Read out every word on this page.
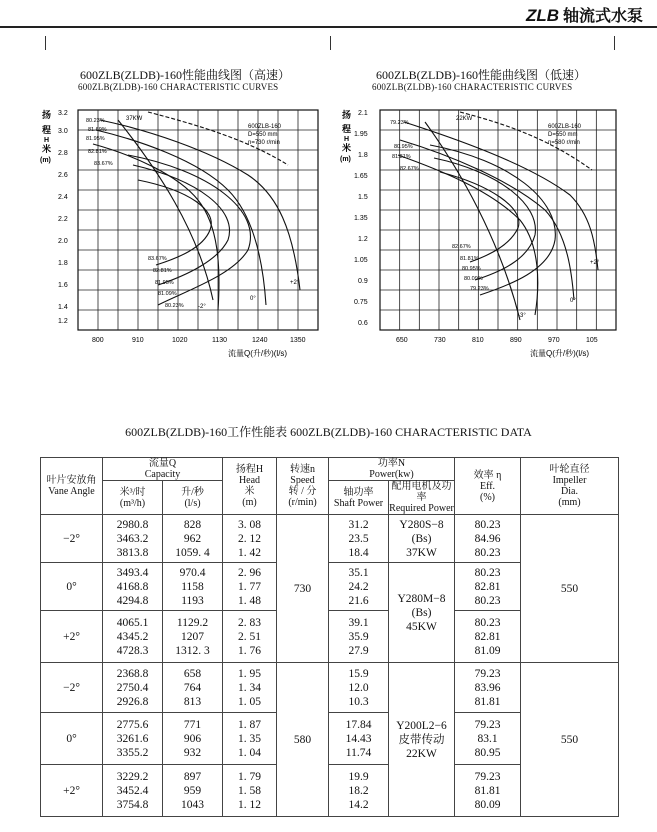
ZLB 轴流式水泵
600ZLB(ZLDB)-160性能曲线图（高速）
600ZLB(ZLDB)-160 CHARACTERISTIC CURVES
600ZLB(ZLDB)-160性能曲线图（低速）
600ZLB(ZLDB)-160 CHARACTERISTIC CURVES
扬
程
H
米
(m)
3.2
3.0
2.8
2.6
2.4
2.2
2.0
1.8
1.6
1.4
1.2
800	910	1020	1130	1240	1350
流量Q(升/秒)(l/s)
600ZLB-160
D=550 mm
n=730 r/min
37KW
80.23%
81.69%
81.95%
82.81%
83.67%
83.67%
82.81%
81.95%
81.09%
80.23%
+2°
0°
-2°
扬
程
H
米
(m)
2.1
1.95
1.8
1.65
1.5
1.35
1.2
1.05
0.9
0.75
0.6
650	730	810	890	970	105
流量Q(升/秒)(l/s)
600ZLB-160
D=550 mm
n=580 r/min
22KW
79.23%
80.95%
81.81%
82.67%
82.67%
81.81%
80.95%
80.09%
79.23%
+2°
0°
-3°
600ZLB(ZLDB)-160工作性能表 600ZLB(ZLDB)-160 CHARACTERISTIC DATA
叶片安放角
Vane Angle	流量Q
Capacity		扬程H
Head
米
(m)	转速n
Speed
转 / 分
(r/min)	功率N
Power(kw)		效率 η
Eff.
(%)	叶轮直径
Impeller
Dia.
(mm)
	米³/时
(m³/h)	升/秒
(l/s)			轴功率
Shaft Power	配用电机及功率
Required Power		
−2°	2980.8
3463.2
3813.8	828
962
1059. 4	3. 08
2. 12
1. 42	730	31.2
23.5
18.4	Y280S−8
(Bs)
37KW	80.23
84.96
80.23	550
0°	3493.4
4168.8
4294.8	970.4
1158
1193	2. 96
1. 77
1. 48		35.1
24.2
21.6	Y280M−8
(Bs)
45KW	80.23
82.81
80.23	
+2°	4065.1
4345.2
4728.3	1129.2
1207
1312. 3	2. 83
2. 51
1. 76		39.1
35.9
27.9		80.23
82.81
81.09	
−2°	2368.8
2750.4
2926.8	658
764
813	1. 95
1. 34
1. 05	580	15.9
12.0
10.3	Y200L2−6
皮带传动
22KW	79.23
83.96
81.81	550
0°	2775.6
3261.6
3355.2	771
906
932	1. 87
1. 35
1. 04		17.84
14.43
11.74		79.23
83.1
80.95	
+2°	3229.2
3452.4
3754.8	897
959
1043	1. 79
1. 58
1. 12		19.9
18.2
14.2		79.23
81.81
80.09	
